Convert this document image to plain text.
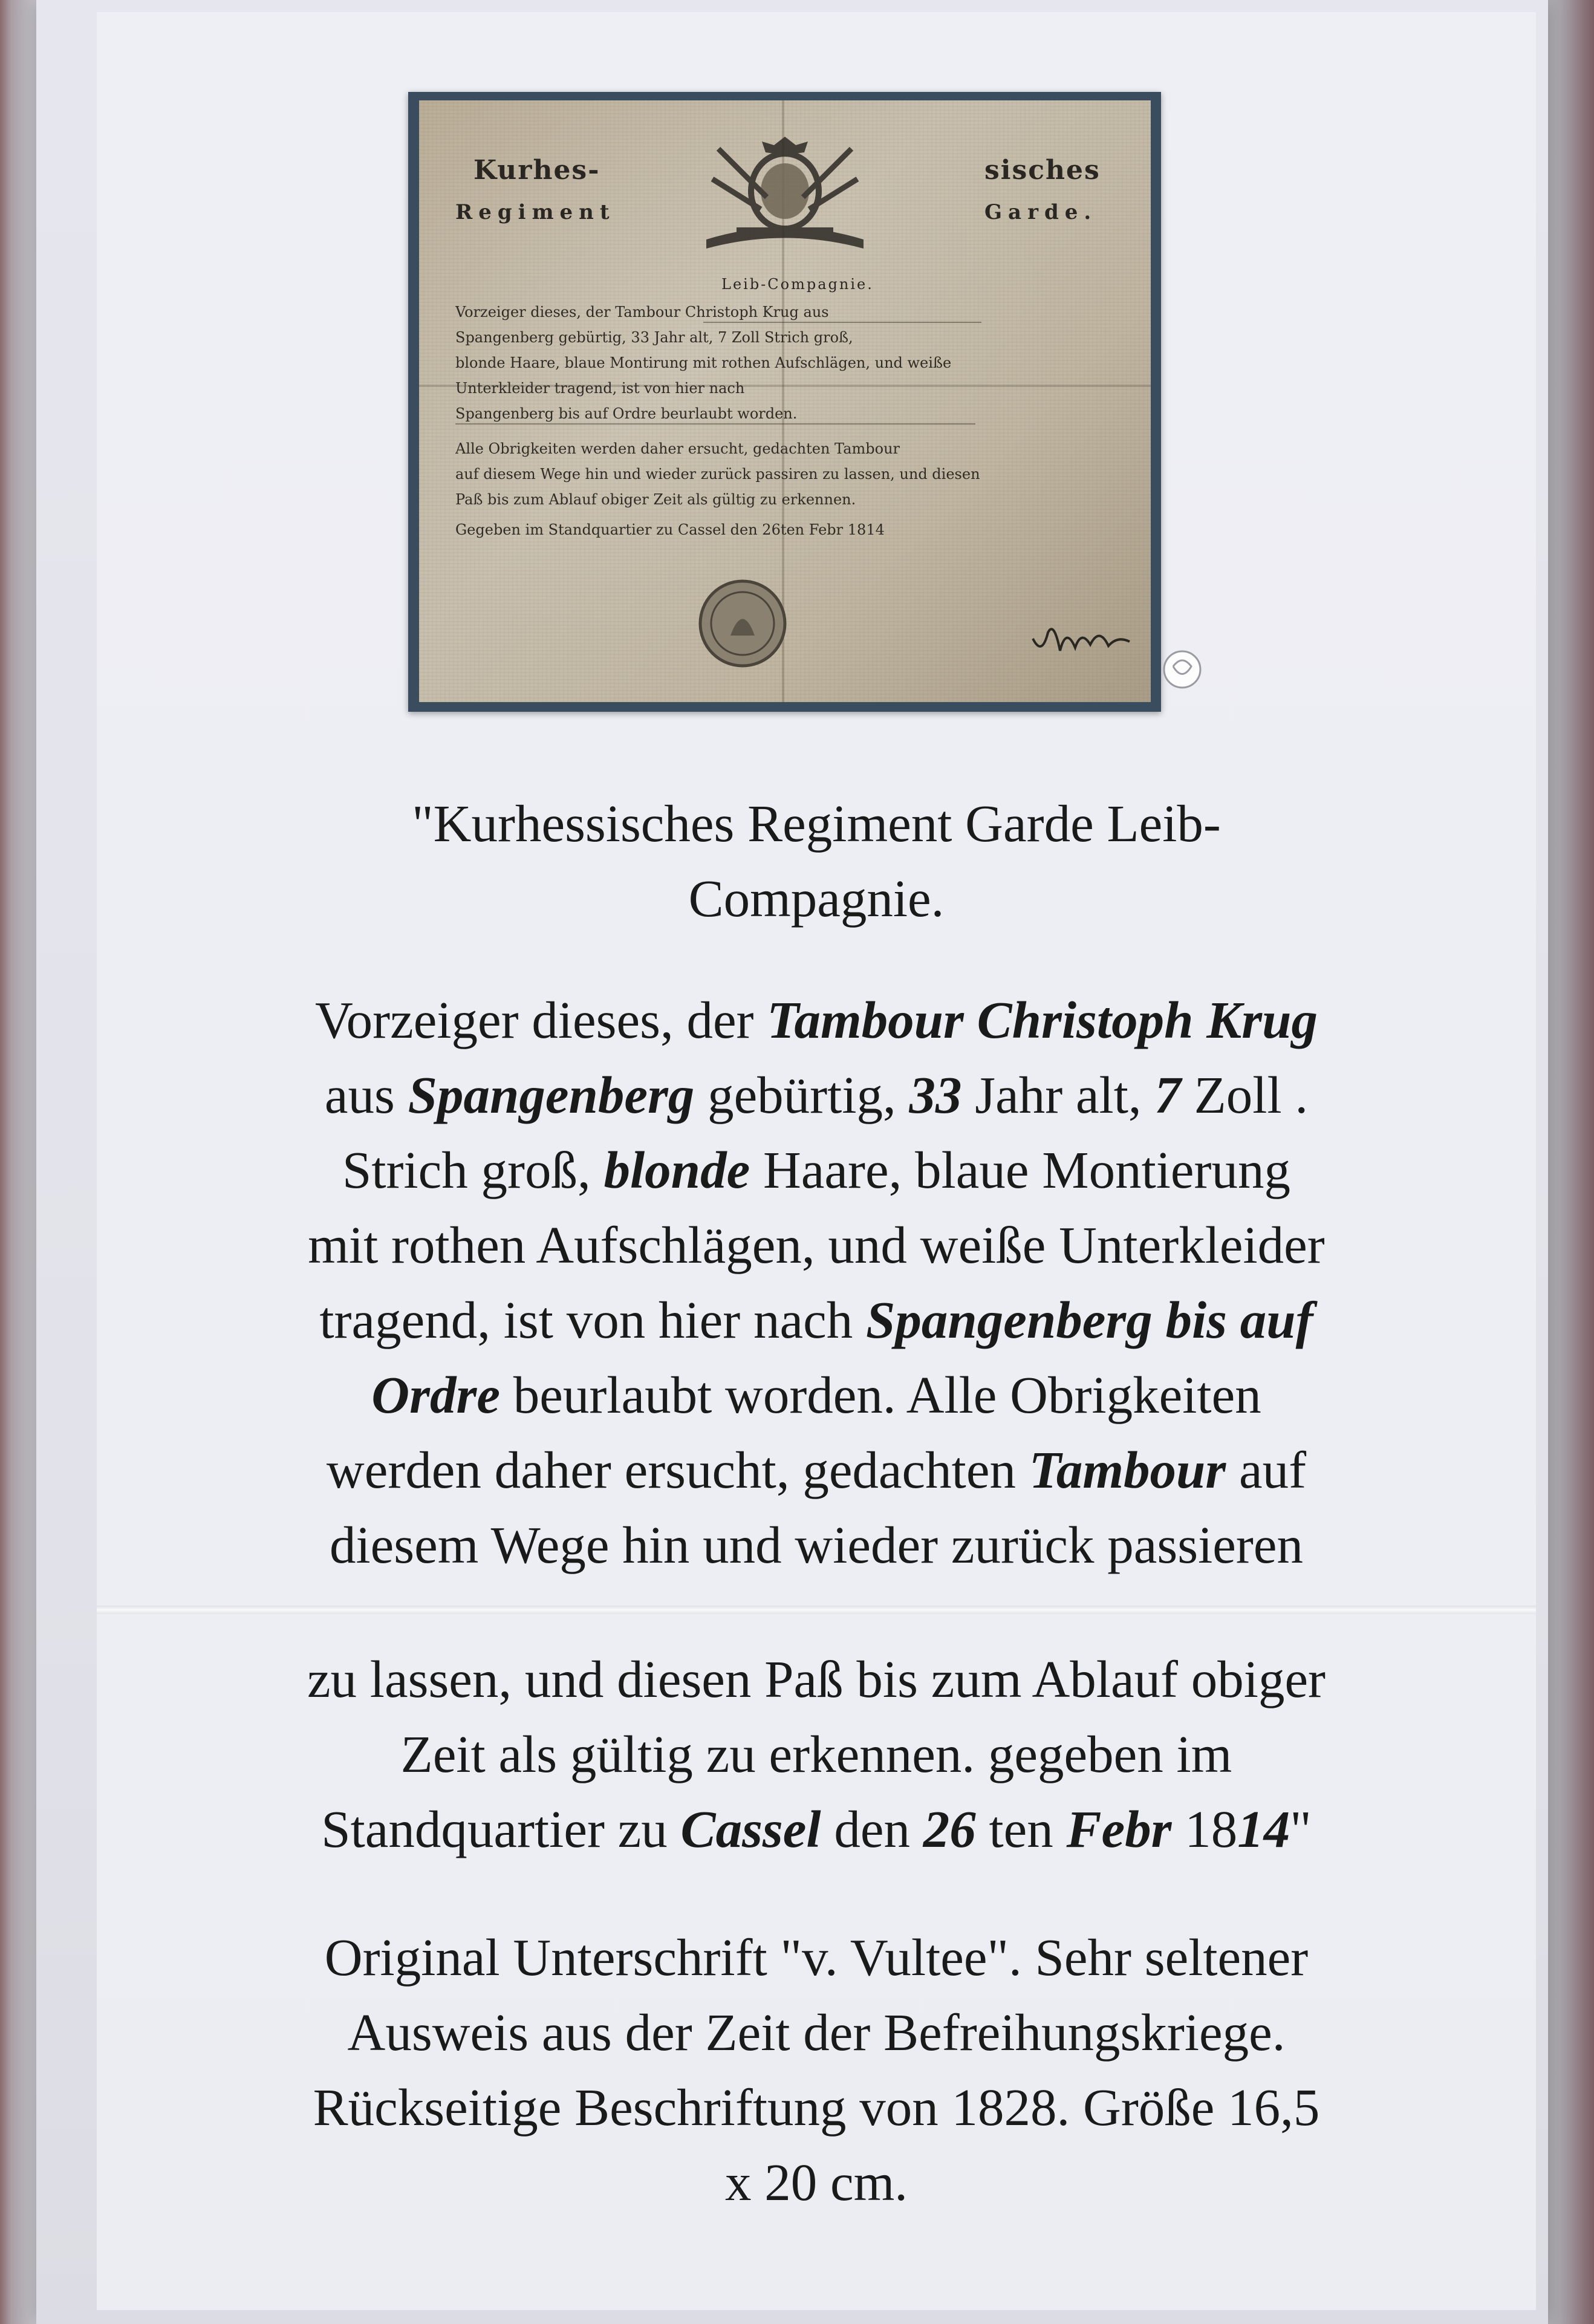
Kurhes-	sisches
Regiment	Garde.
Leib-Compagnie.
Vorzeiger dieses, der Tambour Christoph Krug aus
Spangenberg gebürtig, 33 Jahr alt, 7 Zoll Strich groß,
blonde Haare, blaue Montirung mit rothen Aufschlägen, und weiße
Unterkleider tragend, ist von hier nach
Spangenberg bis auf Ordre beurlaubt worden.
Alle Obrigkeiten werden daher ersucht, gedachten Tambour
auf diesem Wege hin und wieder zurück passiren zu lassen, und diesen
Paß bis zum Ablauf obiger Zeit als gültig zu erkennen.
Gegeben im Standquartier zu Cassel den 26ten Febr 1814
"Kurhessisches Regiment Garde Leib-
Compagnie.
Vorzeiger dieses, der Tambour Christoph Krug
aus Spangenberg gebürtig, 33 Jahr alt, 7 Zoll .
Strich groß, blonde Haare, blaue Montierung
mit rothen Aufschlägen, und weiße Unterkleider
tragend, ist von hier nach Spangenberg bis auf
Ordre beurlaubt worden. Alle Obrigkeiten
werden daher ersucht, gedachten Tambour auf
diesem Wege hin und wieder zurück passieren
zu lassen, und diesen Paß bis zum Ablauf obiger
Zeit als gültig zu erkennen. gegeben im
Standquartier zu Cassel den 26 ten Febr 1814"
Original Unterschrift "v. Vultee". Sehr seltener
Ausweis aus der Zeit der Befreihungskriege.
Rückseitige Beschriftung von 1828. Größe 16,5
x 20 cm.
